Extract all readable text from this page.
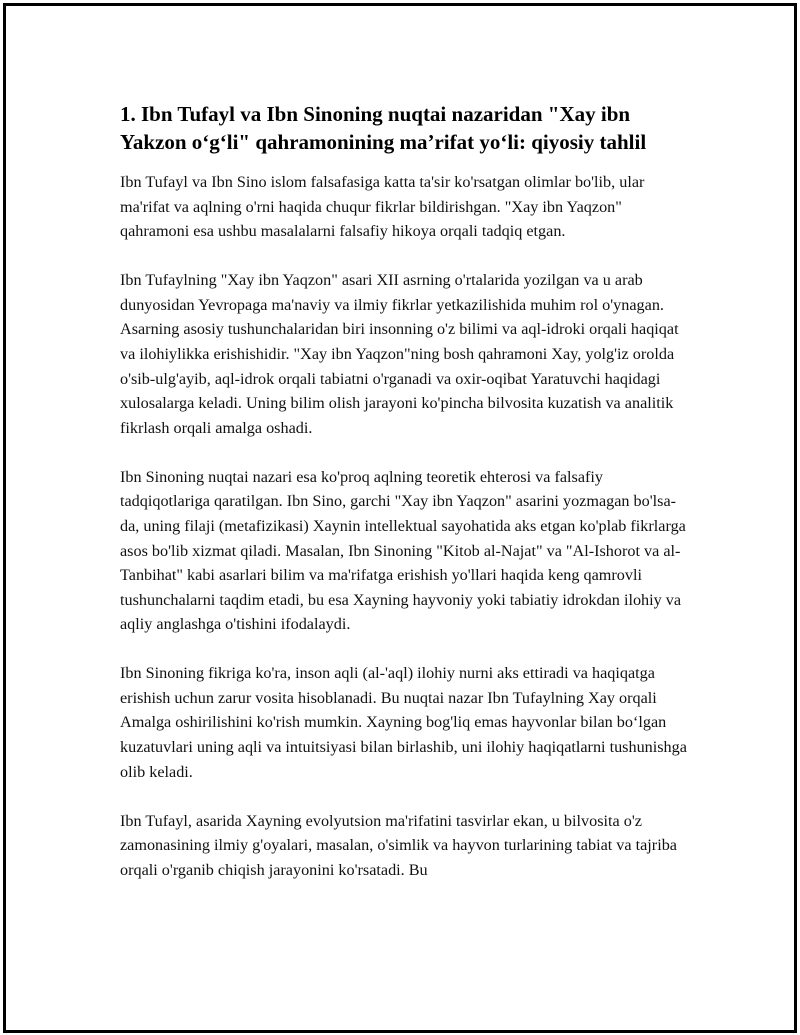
1. Ibn Tufayl va Ibn Sinoning nuqtai nazaridan "Xay ibn Yakzon o‘g‘li" qahramonining ma’rifat yo‘li: qiyosiy tahlil

Ibn Tufayl va Ibn Sino islom falsafasiga katta ta'sir ko'rsatgan olimlar bo'lib, ular ma'rifat va aqlning o'rni haqida chuqur fikrlar bildirishgan. "Xay ibn Yaqzon" qahramoni esa ushbu masalalarni falsafiy hikoya orqali tadqiq etgan.

Ibn Tufaylning "Xay ibn Yaqzon" asari XII asrning o'rtalarida yozilgan va u arab dunyosidan Yevropaga ma'naviy va ilmiy fikrlar yetkazilishida muhim rol o'ynagan. Asarning asosiy tushunchalaridan biri insonning o'z bilimi va aql-idroki orqali haqiqat va ilohiylikka erishishidir. "Xay ibn Yaqzon"ning bosh qahramoni Xay, yolg'iz orolda o'sib-ulg'ayib, aql-idrok orqali tabiatni o'rganadi va oxir-oqibat Yaratuvchi haqidagi xulosalarga keladi. Uning bilim olish jarayoni ko'pincha bilvosita kuzatish va analitik fikrlash orqali amalga oshadi.

Ibn Sinoning nuqtai nazari esa ko'proq aqlning teoretik ehterosi va falsafiy tadqiqotlariga qaratilgan. Ibn Sino, garchi "Xay ibn Yaqzon" asarini yozmagan bo'lsa-da, uning filaji (metafizikasi) Xaynin intellektual sayohatida aks etgan ko'plab fikrlarga asos bo'lib xizmat qiladi. Masalan, Ibn Sinoning "Kitob al-Najat" va "Al-Ishorot va al-Tanbihat" kabi asarlari bilim va ma'rifatga erishish yo'llari haqida keng qamrovli tushunchalarni taqdim etadi, bu esa Xayning hayvoniy yoki tabiatiy idrokdan ilohiy va aqliy anglashga o'tishini ifodalaydi.

Ibn Sinoning fikriga ko'ra, inson aqli (al-'aql) ilohiy nurni aks ettiradi va haqiqatga erishish uchun zarur vosita hisoblanadi. Bu nuqtai nazar Ibn Tufaylning Xay orqali Amalga oshirilishini ko'rish mumkin. Xayning bog'liq emas hayvonlar bilan bo‘lgan kuzatuvlari uning aqli va intuitsiyasi bilan birlashib, uni ilohiy haqiqatlarni tushunishga olib keladi.

Ibn Tufayl, asarida Xayning evolyutsion ma'rifatini tasvirlar ekan, u bilvosita o'z zamonasining ilmiy g'oyalari, masalan, o'simlik va hayvon turlarining tabiat va tajriba orqali o'rganib chiqish jarayonini ko'rsatadi. Bu
